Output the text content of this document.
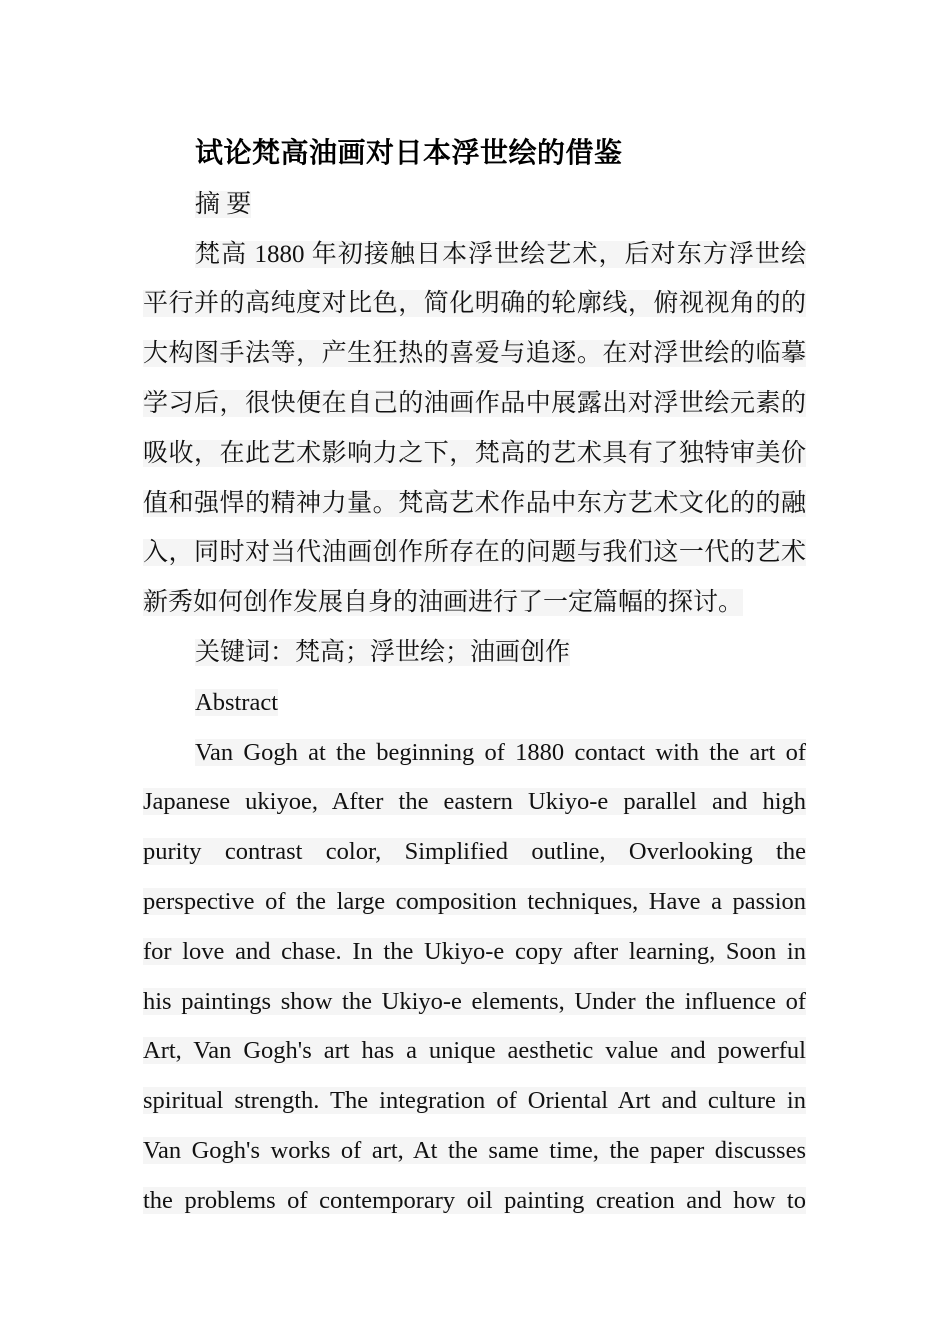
试论梵高油画对日本浮世绘的借鉴
摘 要
梵高 1880 年初接触日本浮世绘艺术，后对东方浮世绘
平行并的高纯度对比色，简化明确的轮廓线，俯视视角的的
大构图手法等，产生狂热的喜爱与追逐。在对浮世绘的临摹
学习后，很快便在自己的油画作品中展露出对浮世绘元素的
吸收，在此艺术影响力之下，梵高的艺术具有了独特审美价
值和强悍的精神力量。梵高艺术作品中东方艺术文化的的融
入，同时对当代油画创作所存在的问题与我们这一代的艺术
新秀如何创作发展自身的油画进行了一定篇幅的探讨。
关键词：梵高；浮世绘；油画创作
Abstract
Van Gogh at the beginning of 1880 contact with the art of
Japanese ukiyoe, After the eastern Ukiyo-e parallel and high
purity contrast color, Simplified outline, Overlooking the
perspective of the large composition techniques, Have a passion
for love and chase. In the Ukiyo-e copy after learning, Soon in
his paintings show the Ukiyo-e elements, Under the influence of
Art, Van Gogh's art has a unique aesthetic value and powerful
spiritual strength. The integration of Oriental Art and culture in
Van Gogh's works of art, At the same time, the paper discusses
the problems of contemporary oil painting creation and how to
